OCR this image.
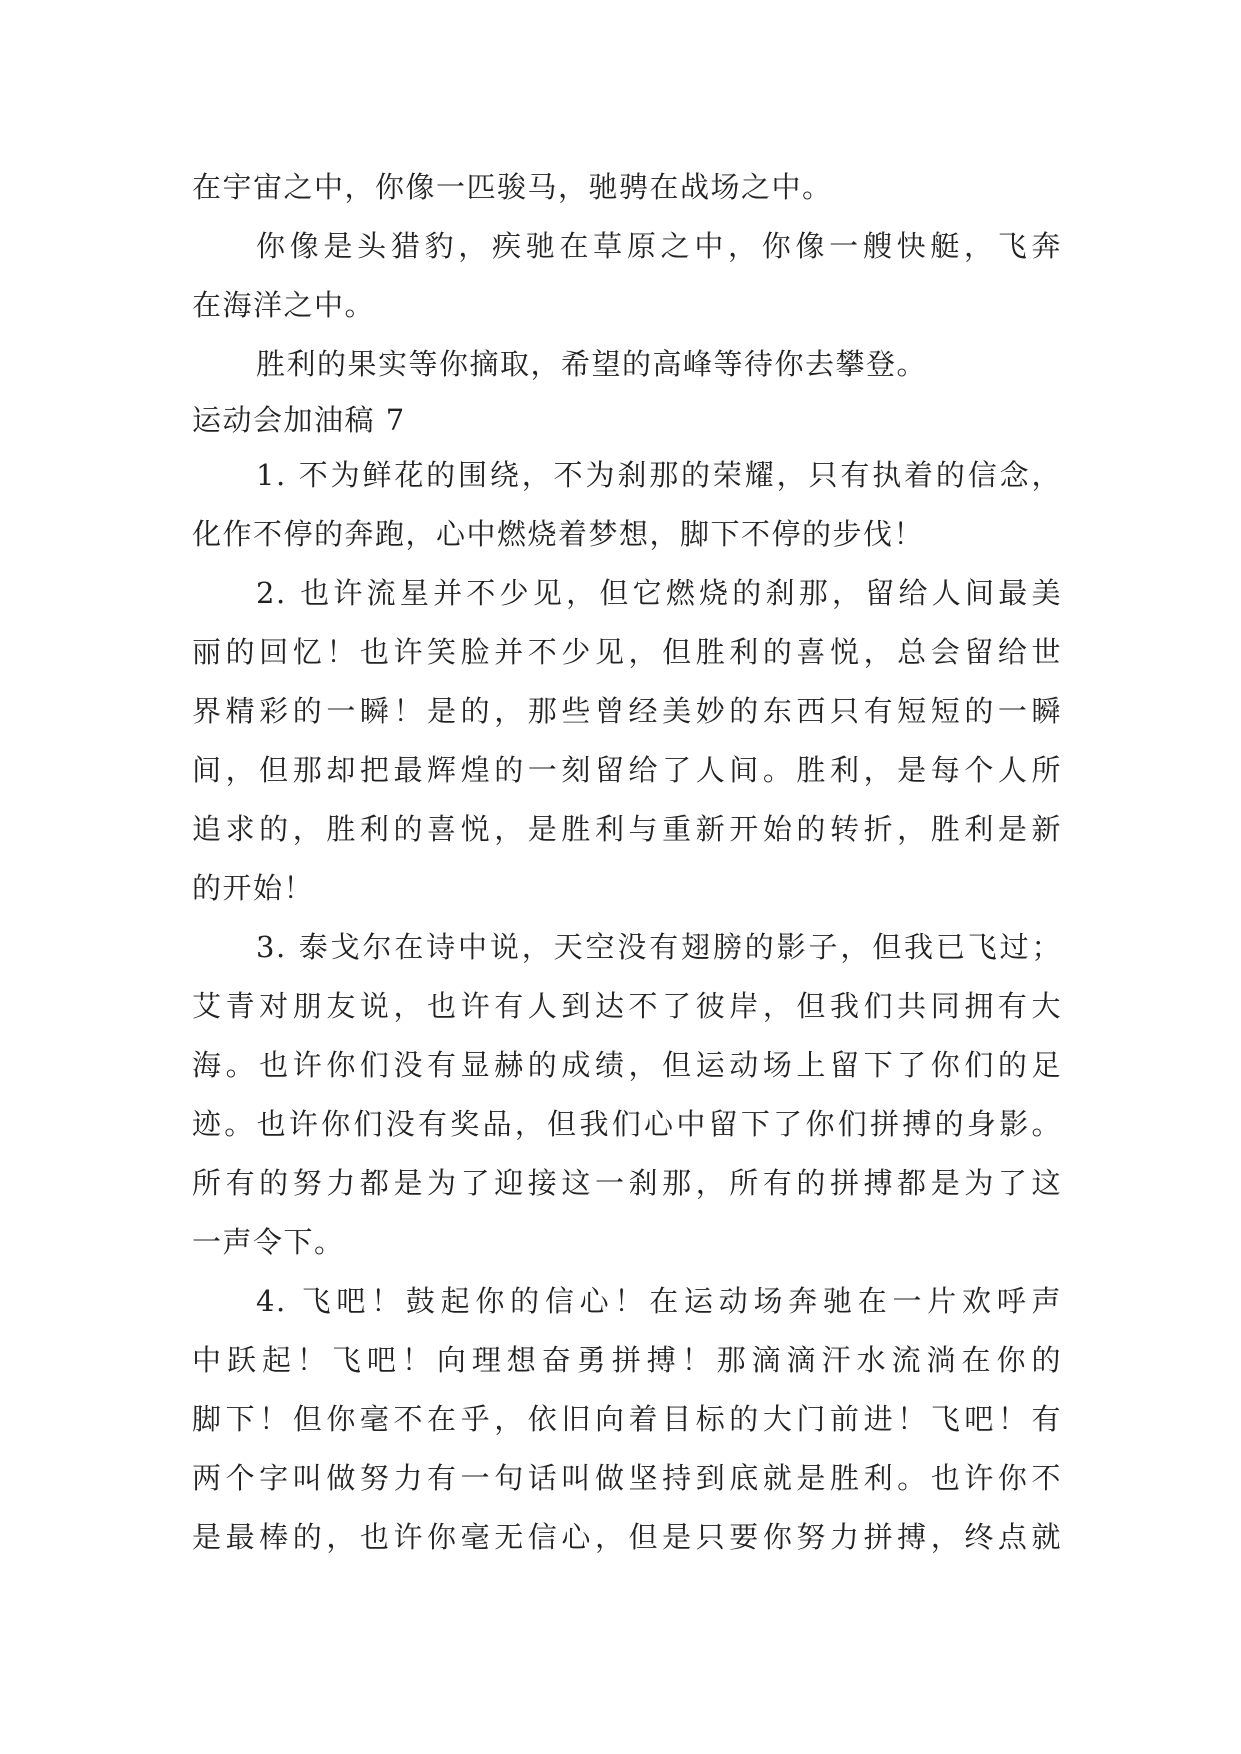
在宇宙之中，你像一匹骏马，驰骋在战场之中。
你像是头猎豹，疾驰在草原之中，你像一艘快艇，飞奔
在海洋之中。
胜利的果实等你摘取，希望的高峰等待你去攀登。
运动会加油稿 7
1. 不为鲜花的围绕，不为刹那的荣耀，只有执着的信念，
化作不停的奔跑，心中燃烧着梦想，脚下不停的步伐！
2. 也许流星并不少见，但它燃烧的刹那，留给人间最美
丽的回忆！也许笑脸并不少见，但胜利的喜悦，总会留给世
界精彩的一瞬！是的，那些曾经美妙的东西只有短短的一瞬
间，但那却把最辉煌的一刻留给了人间。胜利，是每个人所
追求的，胜利的喜悦，是胜利与重新开始的转折，胜利是新
的开始！
3. 泰戈尔在诗中说，天空没有翅膀的影子，但我已飞过；
艾青对朋友说，也许有人到达不了彼岸，但我们共同拥有大
海。也许你们没有显赫的成绩，但运动场上留下了你们的足
迹。也许你们没有奖品，但我们心中留下了你们拼搏的身影。
所有的努力都是为了迎接这一刹那，所有的拼搏都是为了这
一声令下。
4. 飞吧！鼓起你的信心！在运动场奔驰在一片欢呼声
中跃起！飞吧！向理想奋勇拼搏！那滴滴汗水流淌在你的
脚下！但你毫不在乎，依旧向着目标的大门前进！飞吧！有
两个字叫做努力有一句话叫做坚持到底就是胜利。也许你不
是最棒的，也许你毫无信心，但是只要你努力拼搏，终点就
